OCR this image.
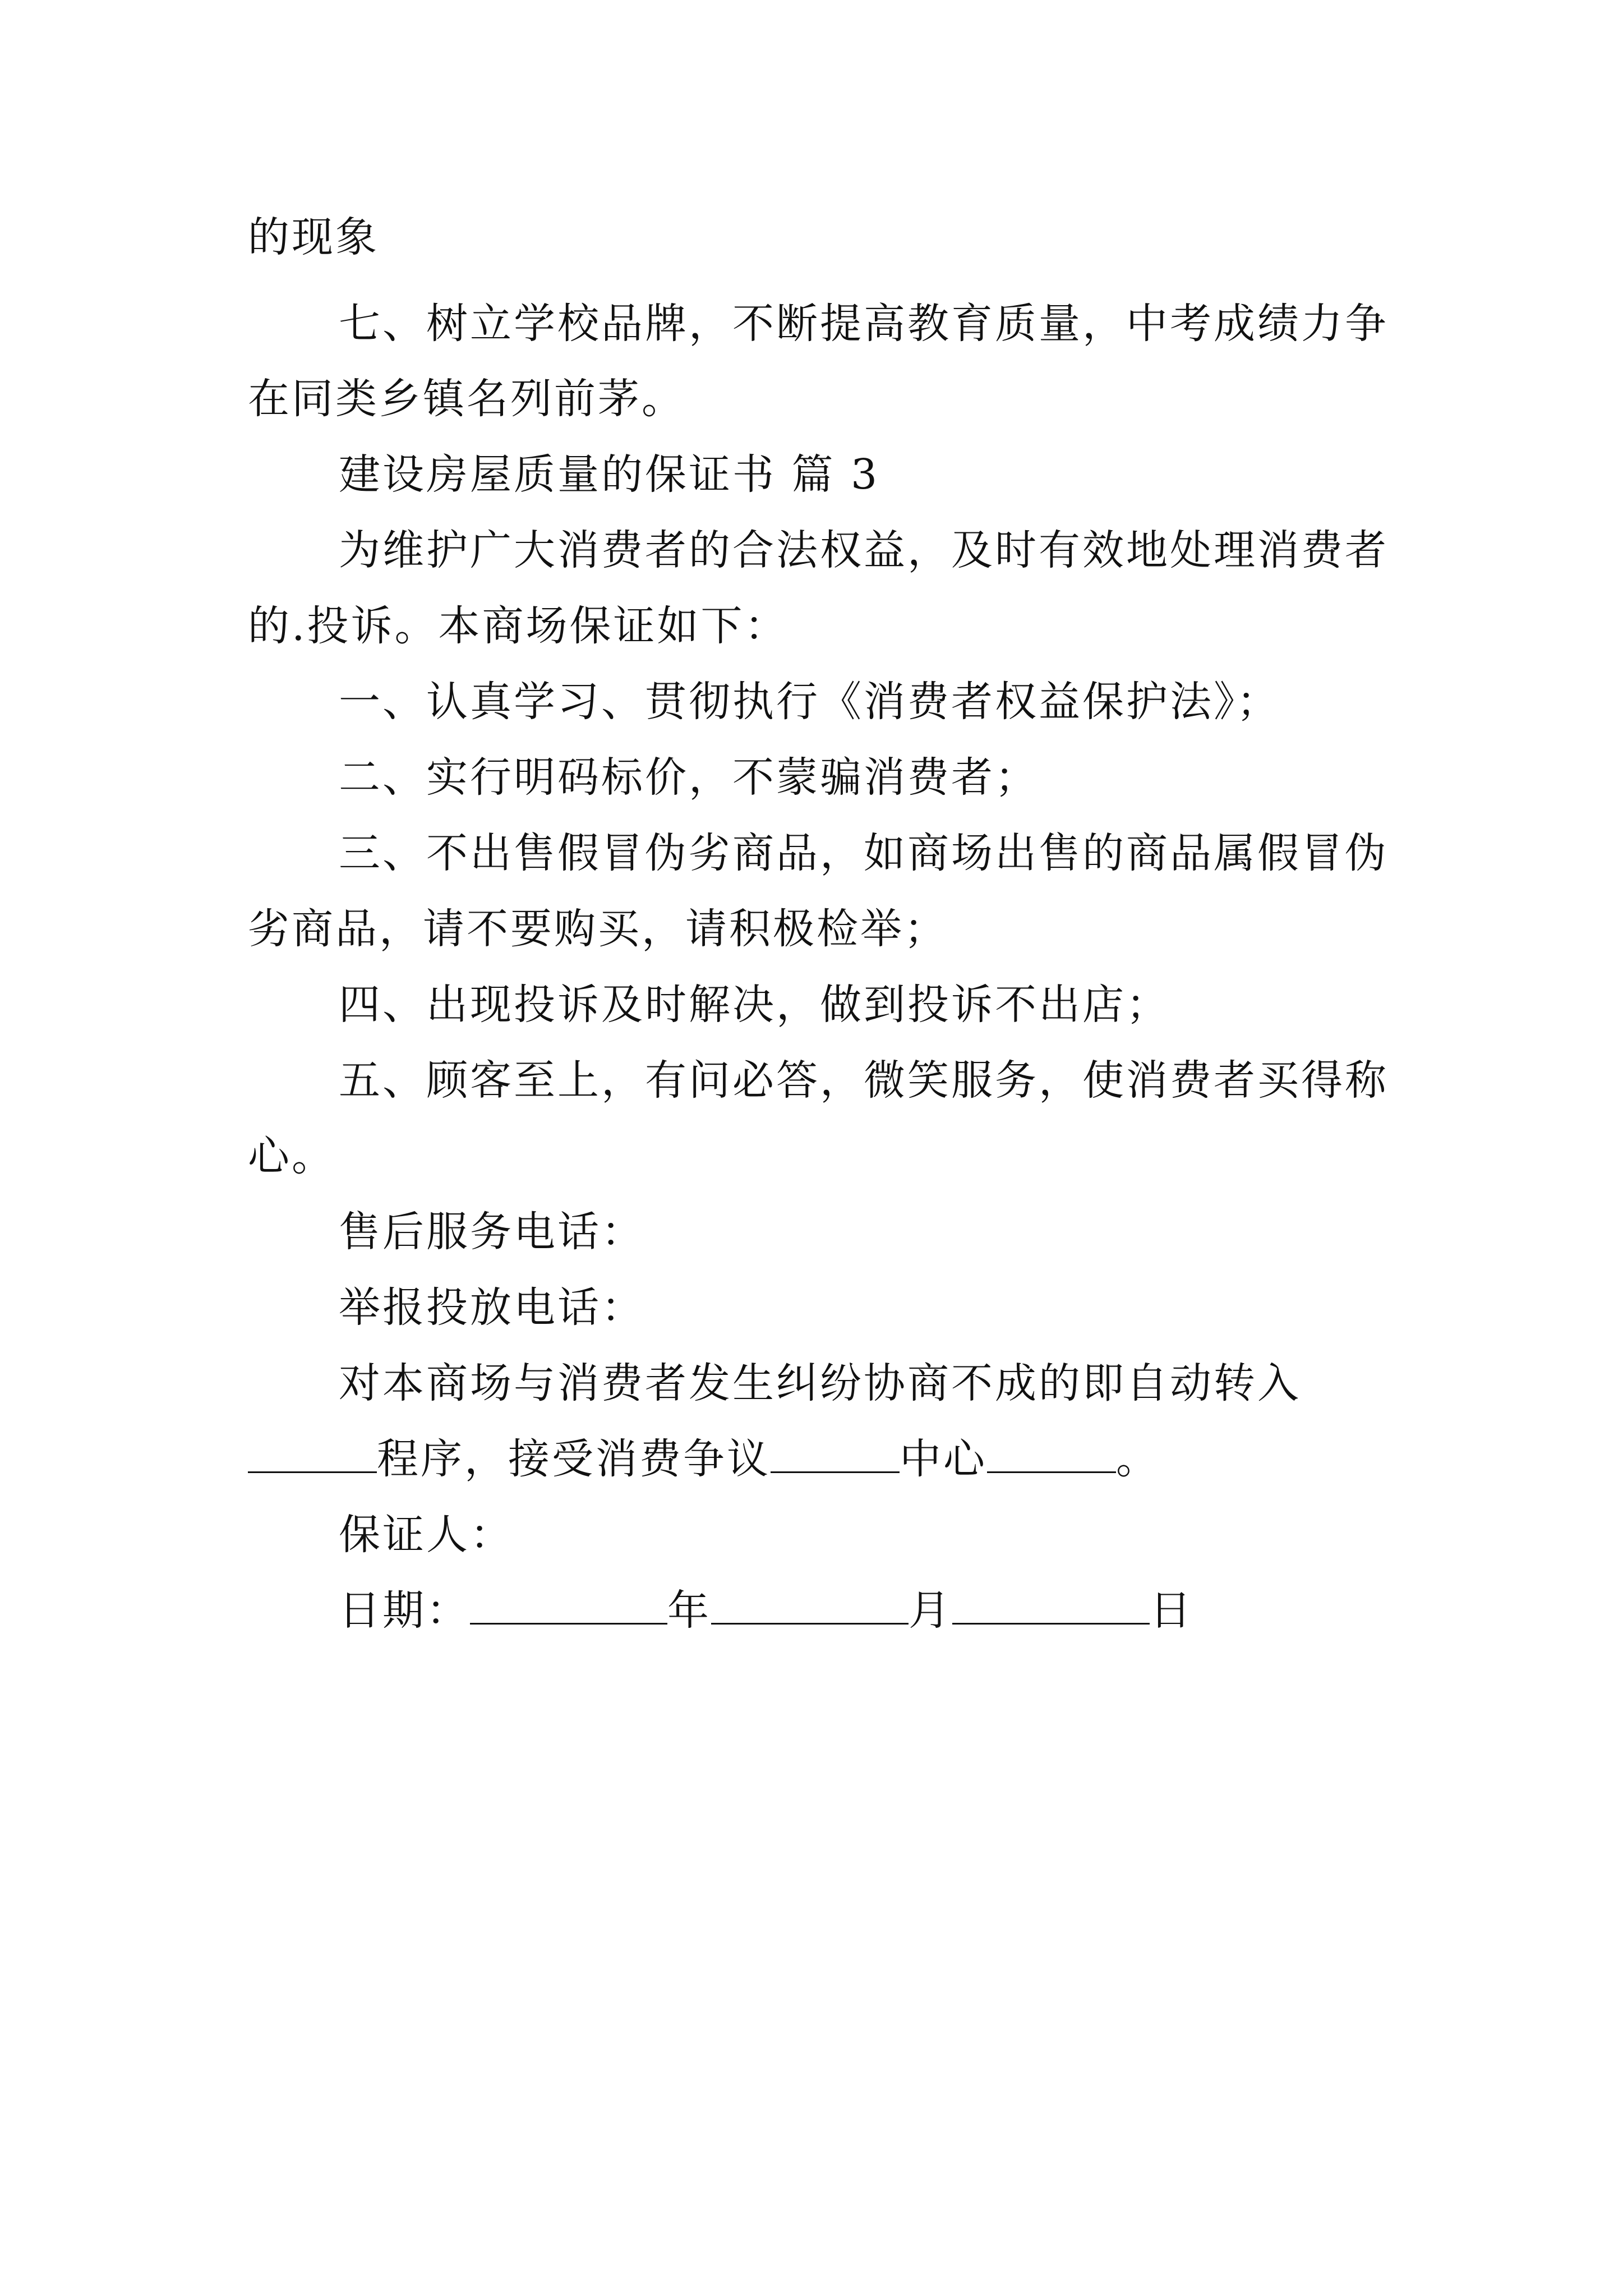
的现象
七、树立学校品牌，不断提高教育质量，中考成绩力争
在同类乡镇名列前茅。
建设房屋质量的保证书 篇 3
为维护广大消费者的合法权益，及时有效地处理消费者
的.投诉。本商场保证如下：
一、认真学习、贯彻执行《消费者权益保护法》；
二、实行明码标价，不蒙骗消费者；
三、不出售假冒伪劣商品，如商场出售的商品属假冒伪
劣商品，请不要购买，请积极检举；
四、出现投诉及时解决，做到投诉不出店；
五、顾客至上，有问必答，微笑服务，使消费者买得称
心。
售后服务电话：
举报投放电话：
对本商场与消费者发生纠纷协商不成的即自动转入
程序，接受消费争议	中心	。
保证人：
日期：	年	月	日
